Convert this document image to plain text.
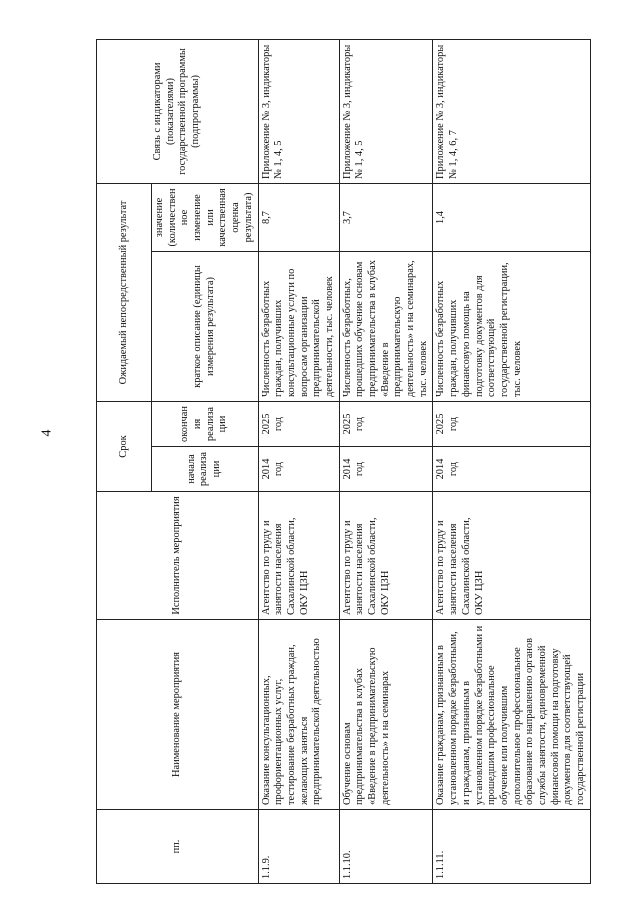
4
пп.	Наименование мероприятия	Исполнитель мероприятия	Срок		Ожидаемый непосредственный результат		Связь с индикаторами (показателями) государственной программы (подпрограммы)
			начала реализации	окончания реализации	краткое описание (единицы измерения результата)	значение (количественное изменение или качественная оценка результата)	
1.1.9.	Оказание консультационных, профориентационных услуг, тестирование безработных граждан, желающих заняться предпринимательской деятельностью	Агентство по труду и занятости населения Сахалинской области, ОКУ ЦЗН	2014 год	2025 год	Численность безработных граждан, получивших консультационные услуги по вопросам организации предпринимательской деятельности, тыс. человек	8,7	Приложение № 3, индикаторы № 1, 4, 5
1.1.10.	Обучение основам предпринимательства в клубах «Введение в предпринимательскую деятельность» и на семинарах	Агентство по труду и занятости населения Сахалинской области, ОКУ ЦЗН	2014 год	2025 год	Численность безработных, прошедших обучение основам предпринимательства в клубах «Введение в предпринимательскую деятельность» и на семинарах, тыс. человек	3,7	Приложение № 3, индикаторы № 1, 4, 5
1.1.11.	Оказание гражданам, признанным в установленном порядке безработными, и гражданам, признанным в установленном порядке безработными и прошедшим профессиональное обучение или получившим дополнительное профессиональное образование по направлению органов службы занятости, единовременной финансовой помощи на подготовку документов для соответствующей государственной регистрации	Агентство по труду и занятости населения Сахалинской области, ОКУ ЦЗН	2014 год	2025 год	Численность безработных граждан, получивших финансовую помощь на подготовку документов для соответствующей государственной регистрации, тыс. человек	1,4	Приложение № 3, индикаторы № 1, 4, 6, 7
